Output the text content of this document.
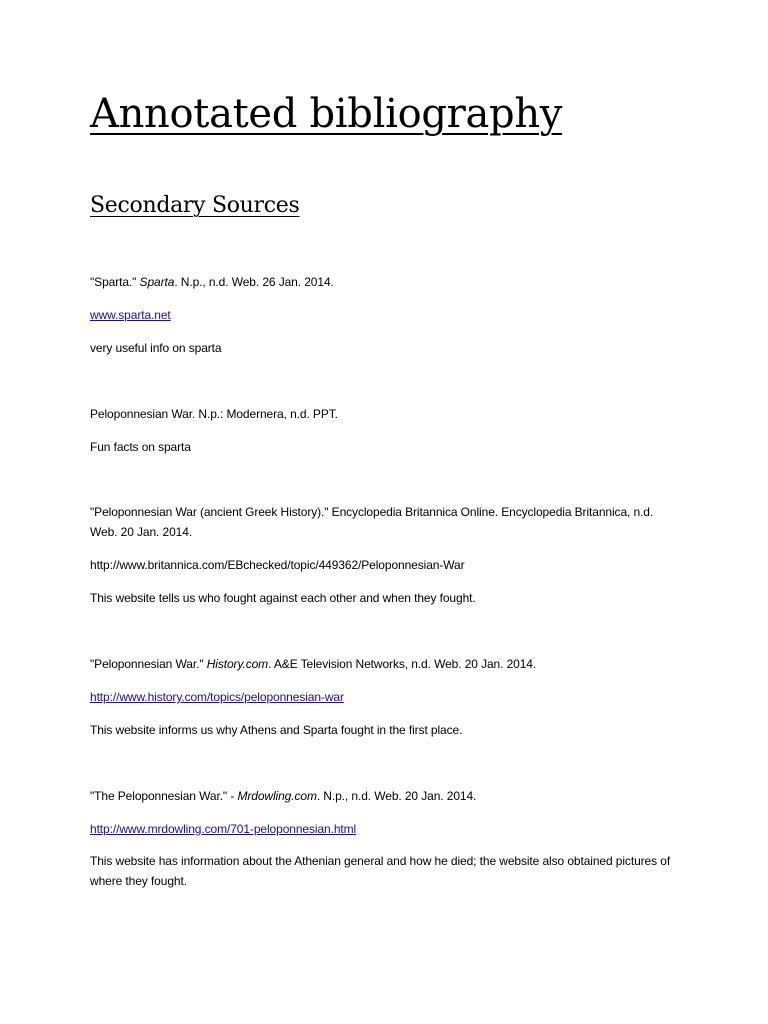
Annotated bibliography
Secondary Sources

"Sparta." Sparta. N.p., n.d. Web. 26 Jan. 2014.

www.sparta.net

very useful info on sparta

Peloponnesian War. N.p.: Modernera, n.d. PPT.

Fun facts on sparta

"Peloponnesian War (ancient Greek History)." Encyclopedia Britannica Online. Encyclopedia Britannica, n.d. Web. 20 Jan. 2014.

http://www.britannica.com/EBchecked/topic/449362/Peloponnesian-War

This website tells us who fought against each other and when they fought.

"Peloponnesian War." History.com. A&E Television Networks, n.d. Web. 20 Jan. 2014.

http://www.history.com/topics/peloponnesian-war

This website informs us why Athens and Sparta fought in the first place.

"The Peloponnesian War." - Mrdowling.com. N.p., n.d. Web. 20 Jan. 2014.

http://www.mrdowling.com/701-peloponnesian.html

This website has information about the Athenian general and how he died; the website also obtained pictures of where they fought.
